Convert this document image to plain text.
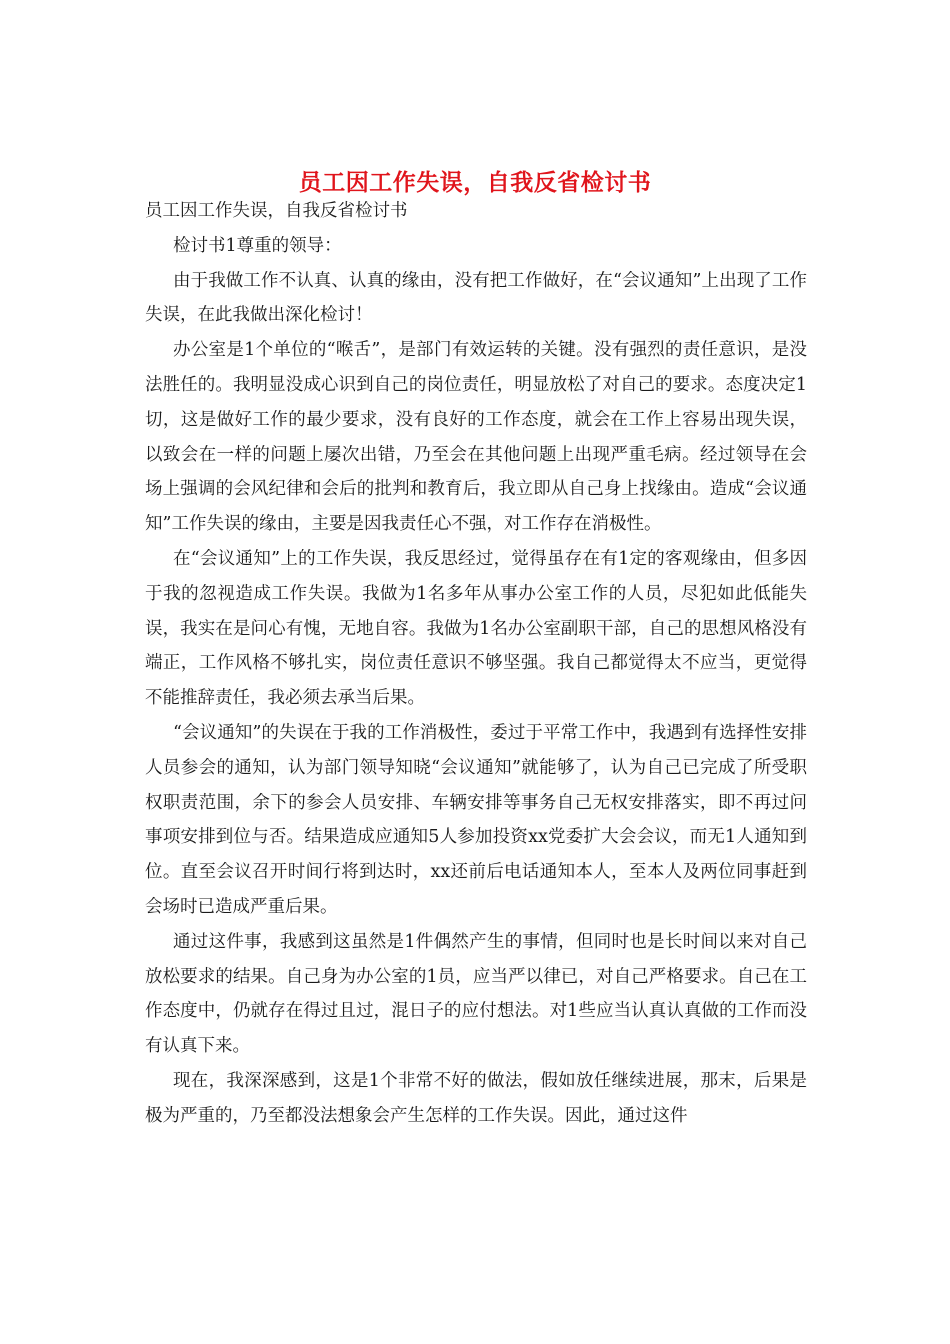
员工因工作失误，自我反省检讨书

员工因工作失误，自我反省检讨书

检讨书1尊重的领导：

由于我做工作不认真、认真的缘由，没有把工作做好，在“会议通知”上出现了工作失误，在此我做出深化检讨！

办公室是1个单位的“喉舌”，是部门有效运转的关键。没有强烈的责任意识，是没法胜任的。我明显没成心识到自己的岗位责任，明显放松了对自己的要求。态度决定1切，这是做好工作的最少要求，没有良好的工作态度，就会在工作上容易出现失误，以致会在一样的问题上屡次出错，乃至会在其他问题上出现严重毛病。经过领导在会场上强调的会风纪律和会后的批判和教育后，我立即从自己身上找缘由。造成“会议通知”工作失误的缘由，主要是因我责任心不强，对工作存在消极性。

在“会议通知”上的工作失误，我反思经过，觉得虽存在有1定的客观缘由，但多因于我的忽视造成工作失误。我做为1名多年从事办公室工作的人员，尽犯如此低能失误，我实在是问心有愧，无地自容。我做为1名办公室副职干部，自己的思想风格没有端正，工作风格不够扎实，岗位责任意识不够坚强。我自己都觉得太不应当，更觉得不能推辞责任，我必须去承当后果。

“会议通知”的失误在于我的工作消极性，委过于平常工作中，我遇到有选择性安排人员参会的通知，认为部门领导知晓“会议通知”就能够了，认为自己已完成了所受职权职责范围，余下的参会人员安排、车辆安排等事务自己无权安排落实，即不再过问事项安排到位与否。结果造成应通知5人参加投资xx党委扩大会会议，而无1人通知到位。直至会议召开时间行将到达时，xx还前后电话通知本人，至本人及两位同事赶到会场时已造成严重后果。

通过这件事，我感到这虽然是1件偶然产生的事情，但同时也是长时间以来对自己放松要求的结果。自己身为办公室的1员，应当严以律已，对自己严格要求。自己在工作态度中，仍就存在得过且过，混日子的应付想法。对1些应当认真认真做的工作而没有认真下来。

现在，我深深感到，这是1个非常不好的做法，假如放任继续进展，那末，后果是极为严重的，乃至都没法想象会产生怎样的工作失误。因此，通过这件
